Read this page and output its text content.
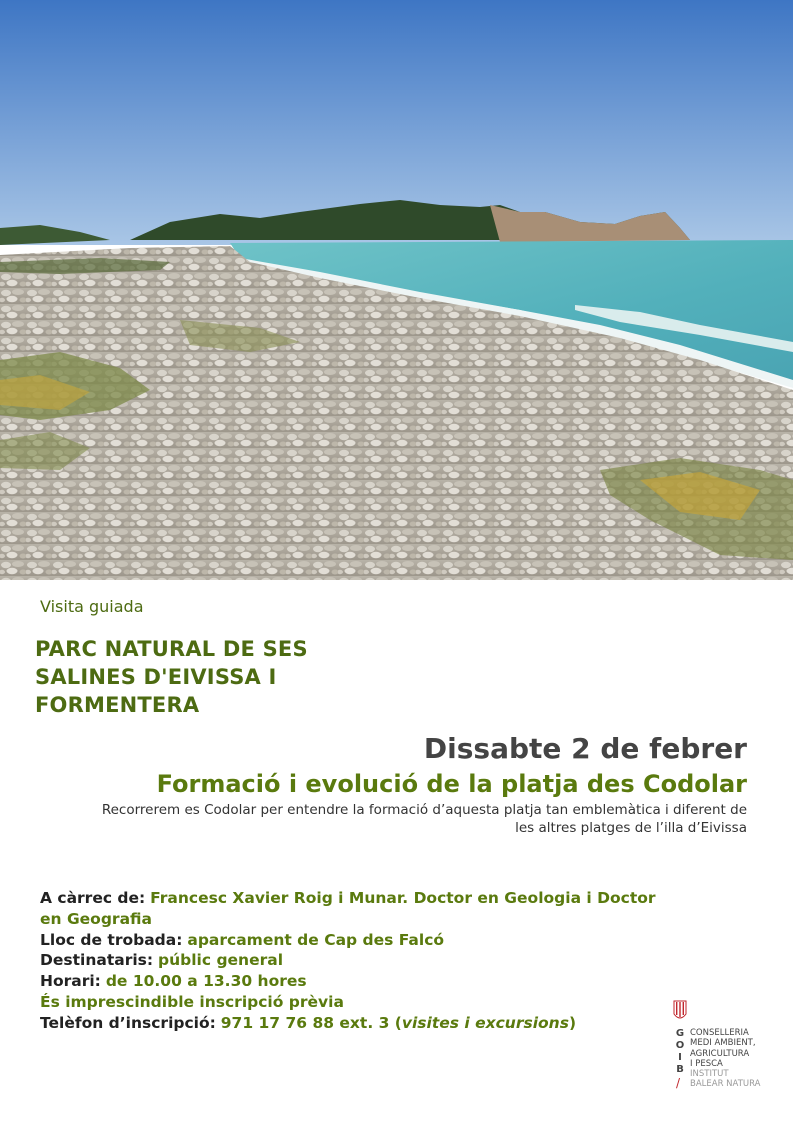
Visita guiada
PARC NATURAL DE SES SALINES D'EIVISSA I FORMENTERA
Dissabte 2 de febrer
Formació i evolució de la platja des Codolar
Recorrerem es Codolar per entendre la formació d’aquesta platja tan emblemàtica i diferent de
les altres platges de l’illa d’Eivissa
A càrrec de: Francesc Xavier Roig i Munar. Doctor en Geologia i Doctor en Geografia
Lloc de trobada: aparcament de Cap des Falcó
Destinataris: públic general
Horari: de 10.00 a 13.30 hores
És imprescindible inscripció prèvia
Telèfon d’inscripció: 971 17 76 88 ext. 3 (visites i excursions)
G O I B
/
CONSELLERIA
MEDI AMBIENT,
AGRICULTURA
I PESCA
INSTITUT
BALEAR NATURA
